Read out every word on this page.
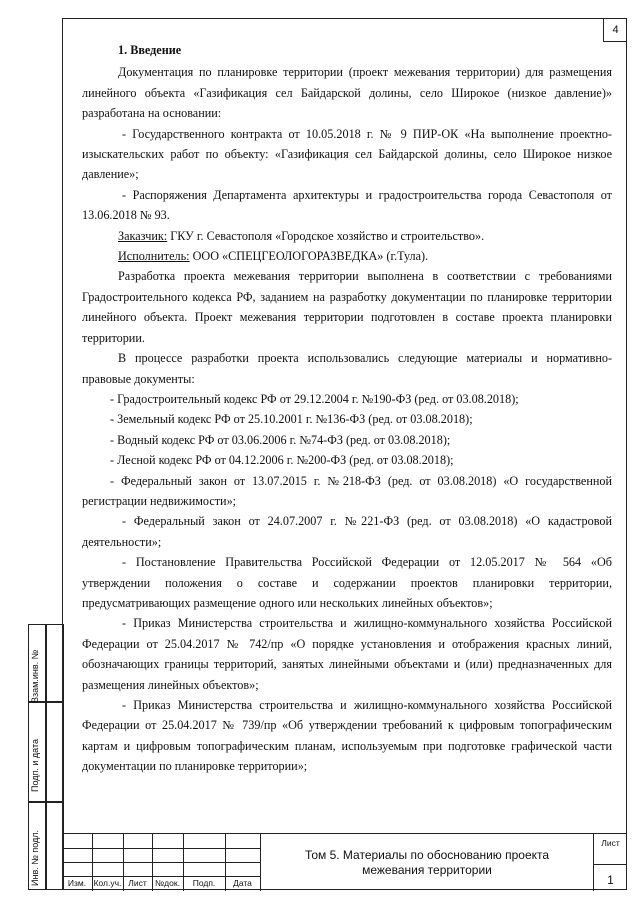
4
Взам.инв. №
Подп. и дата
Инв. № подл.
1. Введение
Документация по планировке территории (проект межевания территории) для размещения линейного объекта «Газификация сел Байдарской долины, село Широкое (низкое давление)» разработана на основании:
- Государственного контракта от 10.05.2018 г. № 9 ПИР-ОК «На выполнение проектно-изыскательских работ по объекту: «Газификация сел Байдарской долины, село Широкое низкое давление»;
- Распоряжения Департамента архитектуры и градостроительства города Севастополя от 13.06.2018 № 93.
Заказчик: ГКУ г. Севастополя «Городское хозяйство и строительство».
Исполнитель: ООО «СПЕЦГЕОЛОГОРАЗВЕДКА» (г.Тула).
Разработка проекта межевания территории выполнена в соответствии с требованиями Градостроительного кодекса РФ, заданием на разработку документации по планировке территории линейного объекта. Проект межевания территории подготовлен в составе проекта планировки территории.
В процессе разработки проекта использовались следующие материалы и нормативно-правовые документы:
- Градостроительный кодекс РФ от 29.12.2004 г. №190-ФЗ (ред. от 03.08.2018);
- Земельный кодекс РФ от 25.10.2001 г. №136-ФЗ (ред. от 03.08.2018);
- Водный кодекс РФ от 03.06.2006 г. №74-ФЗ (ред. от 03.08.2018);
- Лесной кодекс РФ от 04.12.2006 г. №200-ФЗ (ред. от 03.08.2018);
- Федеральный закон от 13.07.2015 г. №218-ФЗ (ред. от 03.08.2018) «О государственной регистрации недвижимости»;
- Федеральный закон от 24.07.2007 г. №221-ФЗ (ред. от 03.08.2018) «О кадастровой деятельности»;
- Постановление Правительства Российской Федерации от 12.05.2017 № 564 «Об утверждении положения о составе и содержании проектов планировки территории, предусматривающих размещение одного или нескольких линейных объектов»;
- Приказ Министерства строительства и жилищно-коммунального хозяйства Российской Федерации от 25.04.2017 № 742/пр «О порядке установления и отображения красных линий, обозначающих границы территорий, занятых линейными объектами и (или) предназначенных для размещения линейных объектов»;
- Приказ Министерства строительства и жилищно-коммунального хозяйства Российской Федерации от 25.04.2017 № 739/пр «Об утверждении требований к цифровым топографическим картам и цифровым топографическим планам, используемым при подготовке графической части документации по планировке территории»;
Изм. Кол.уч. Лист №док.	Подп.	Дата
Том 5. Материалы по обоснованию проекта
межевания территории
Лист
1
